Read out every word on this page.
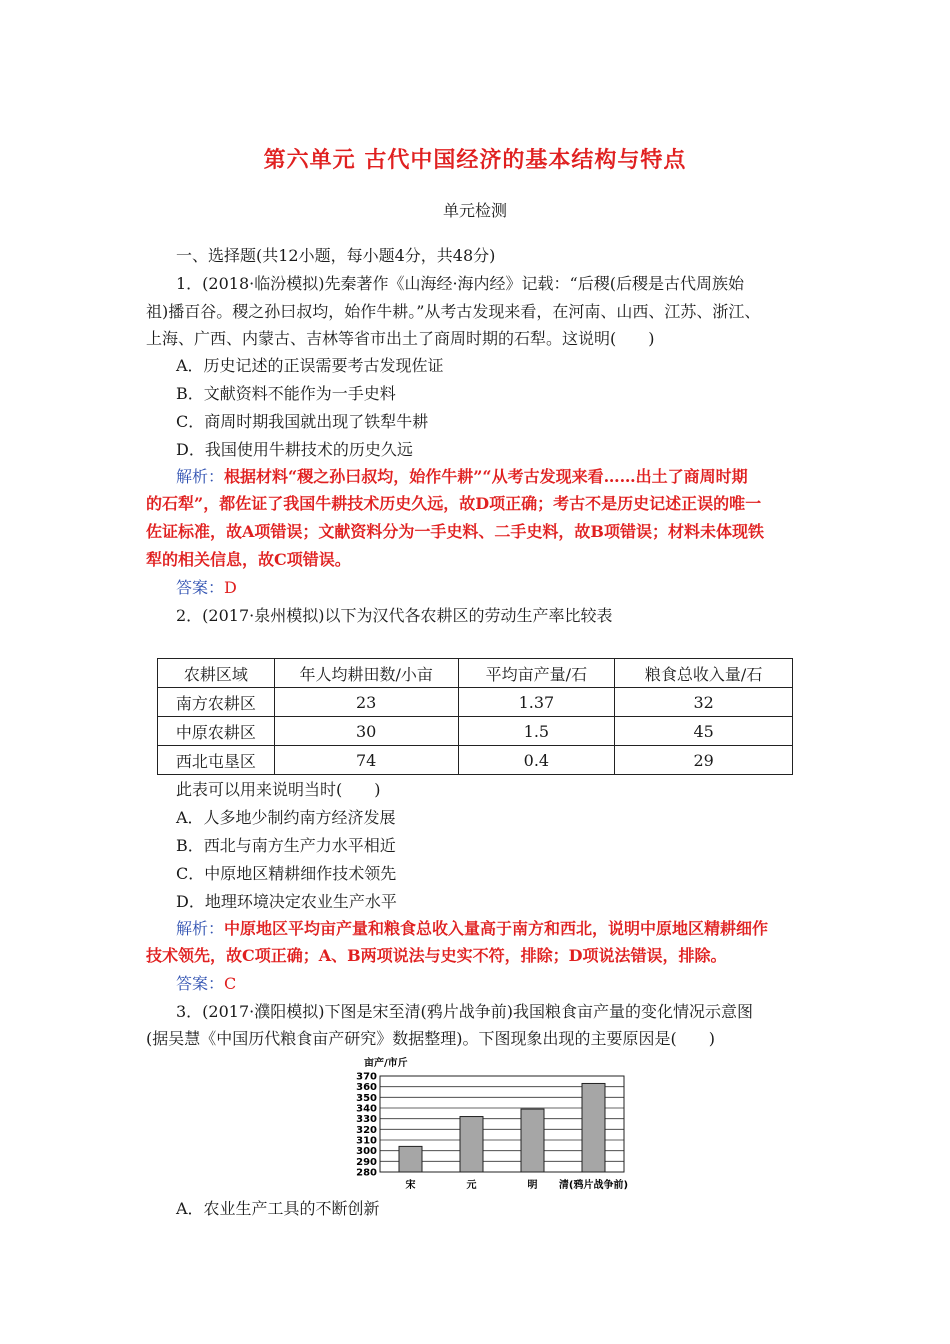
第六单元 古代中国经济的基本结构与特点
单元检测
一、选择题(共12小题，每小题4分，共48分)
1．(2018·临汾模拟)先秦著作《山海经·海内经》记载：“后稷(后稷是古代周族始
祖)播百谷。稷之孙曰叔均，始作牛耕。”从考古发现来看，在河南、山西、江苏、浙江、
上海、广西、内蒙古、吉林等省市出土了商周时期的石犁。这说明(　　)
A．历史记述的正误需要考古发现佐证
B．文献资料不能作为一手史料
C．商周时期我国就出现了铁犁牛耕
D．我国使用牛耕技术的历史久远
解析：根据材料“稷之孙曰叔均，始作牛耕”“从考古发现来看……出土了商周时期
的石犁”，都佐证了我国牛耕技术历史久远，故D项正确；考古不是历史记述正误的唯一
佐证标准，故A项错误；文献资料分为一手史料、二手史料，故B项错误；材料未体现铁
犁的相关信息，故C项错误。
答案：D
2．(2017·泉州模拟)以下为汉代各农耕区的劳动生产率比较表
农耕区域	年人均耕田数/小亩	平均亩产量/石	粮食总收入量/石
南方农耕区	23	1.37	32
中原农耕区	30	1.5	45
西北屯垦区	74	0.4	29
此表可以用来说明当时(　　)
A．人多地少制约南方经济发展
B．西北与南方生产力水平相近
C．中原地区精耕细作技术领先
D．地理环境决定农业生产水平
解析：中原地区平均亩产量和粮食总收入量高于南方和西北，说明中原地区精耕细作
技术领先，故C项正确；A、B两项说法与史实不符，排除；D项说法错误，排除。
答案：C
3．(2017·濮阳模拟)下图是宋至清(鸦片战争前)我国粮食亩产量的变化情况示意图
(据吴慧《中国历代粮食亩产研究》数据整理)。下图现象出现的主要原因是(　　)
亩产/市斤
280
290
300
310
320
330
340
350
360
370
宋	元	明 清(鸦片战争前)
A．农业生产工具的不断创新
